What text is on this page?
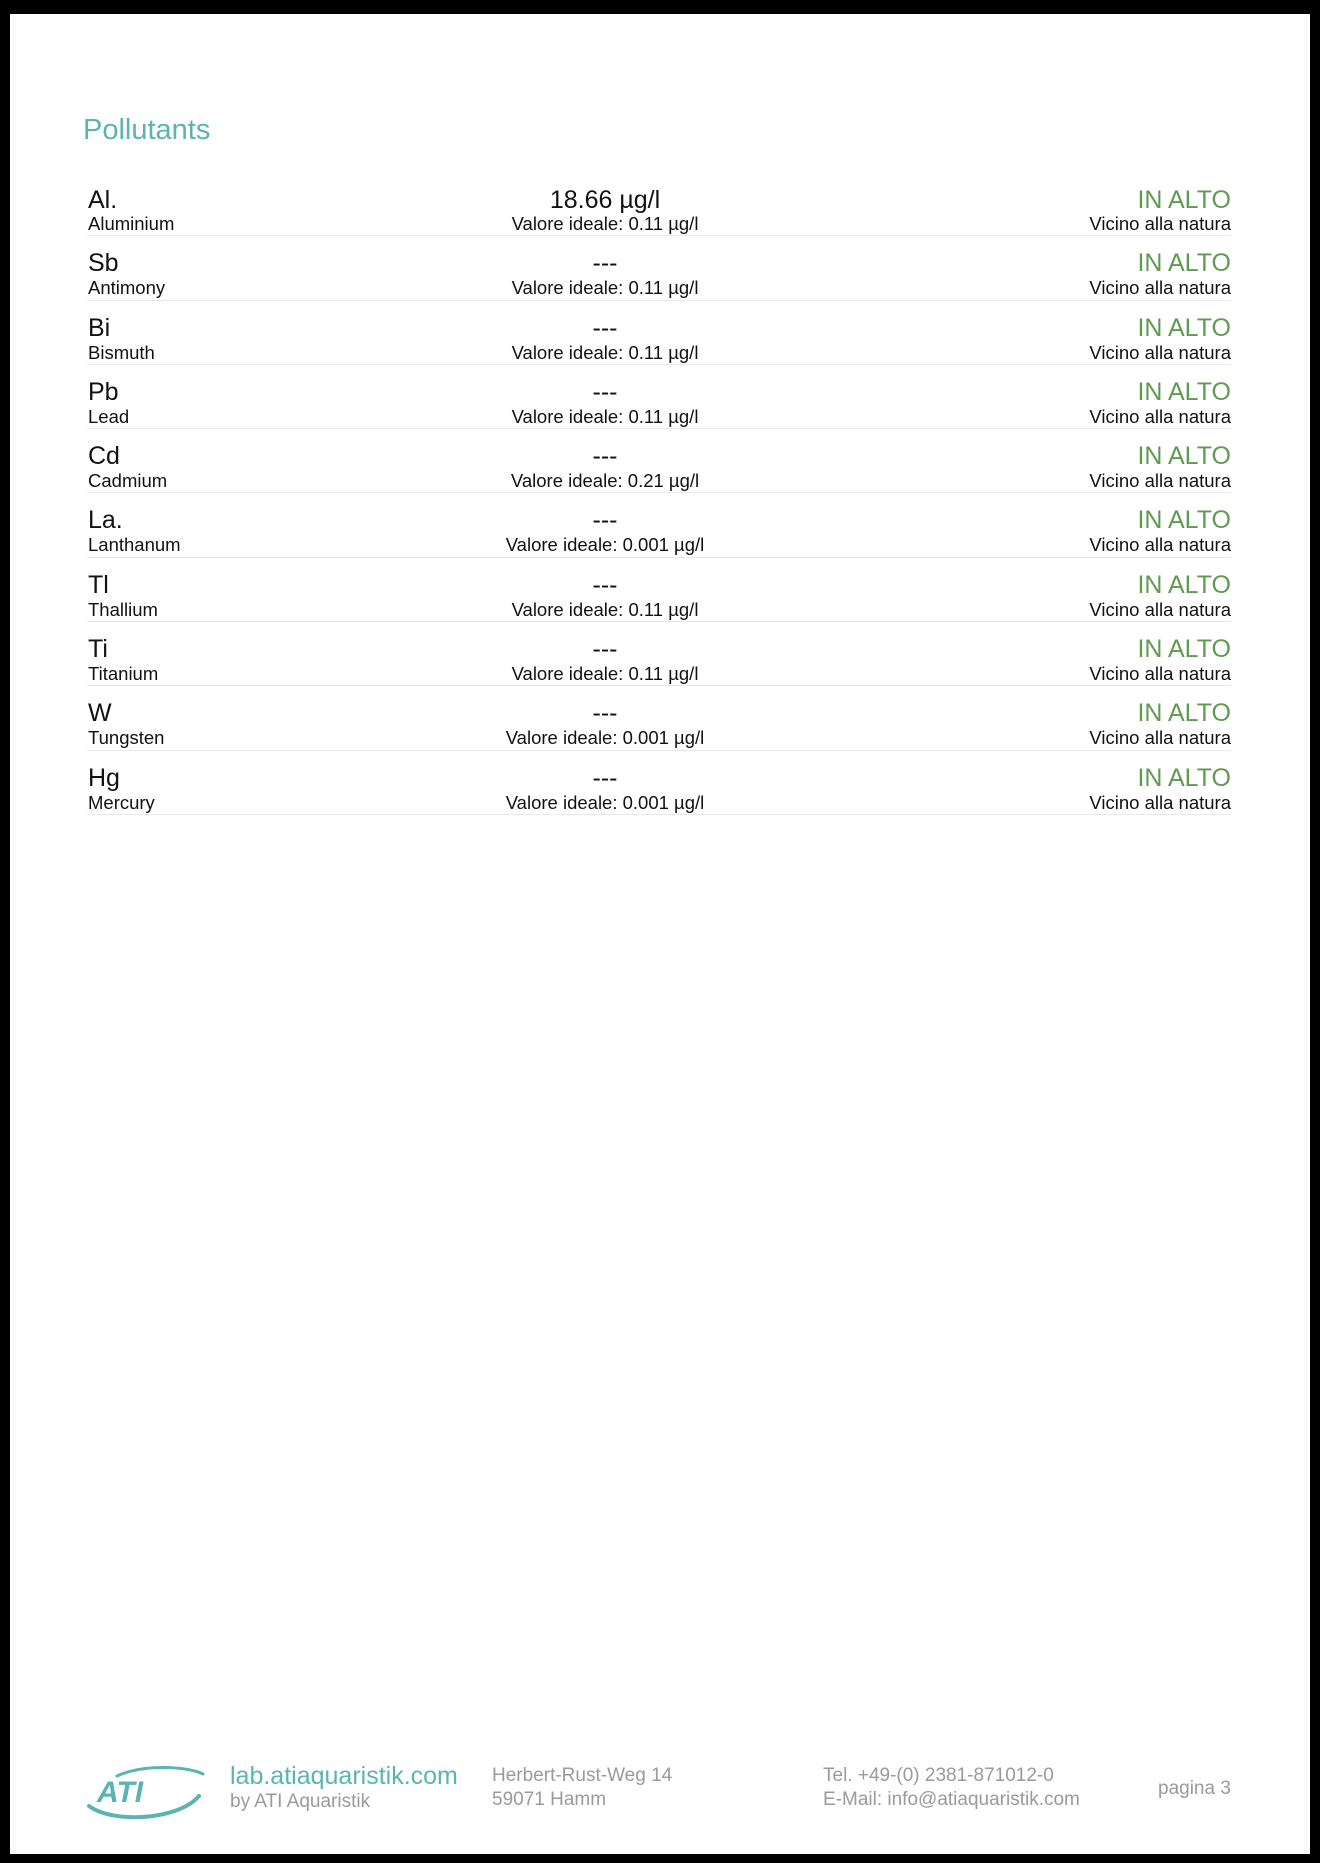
Pollutants
Al.
Aluminium
18.66 µg/l
Valore ideale: 0.11 µg/l
IN ALTO
Vicino alla natura
Sb
Antimony
---
Valore ideale: 0.11 µg/l
IN ALTO
Vicino alla natura
Bi
Bismuth
---
Valore ideale: 0.11 µg/l
IN ALTO
Vicino alla natura
Pb
Lead
---
Valore ideale: 0.11 µg/l
IN ALTO
Vicino alla natura
Cd
Cadmium
---
Valore ideale: 0.21 µg/l
IN ALTO
Vicino alla natura
La.
Lanthanum
---
Valore ideale: 0.001 µg/l
IN ALTO
Vicino alla natura
Tl
Thallium
---
Valore ideale: 0.11 µg/l
IN ALTO
Vicino alla natura
Ti
Titanium
---
Valore ideale: 0.11 µg/l
IN ALTO
Vicino alla natura
W
Tungsten
---
Valore ideale: 0.001 µg/l
IN ALTO
Vicino alla natura
Hg
Mercury
---
Valore ideale: 0.001 µg/l
IN ALTO
Vicino alla natura
ATI	lab.atiaquaristik.com
by ATI Aquaristik
Herbert-Rust-Weg 14
59071 Hamm
Tel. +49-(0) 2381-871012-0
E-Mail: info@atiaquaristik.com
pagina 3
